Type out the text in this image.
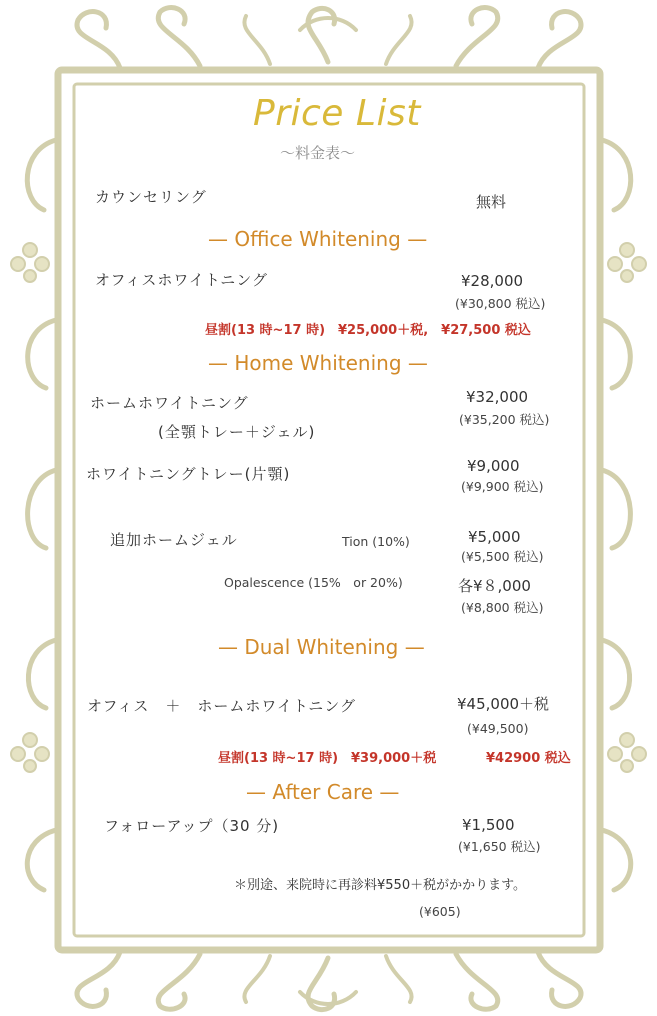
Price List
～料金表～
カウンセリング	無料
— Office Whitening —
オフィスホワイトニング	¥28,000
(¥30,800 税込)
昼割(13 時~17 時)　¥25,000＋税,　¥27,500 税込
— Home Whitening —
ホームホワイトニング
(全顎トレー＋ジェル)
¥32,000
(¥35,200 税込)
ホワイトニングトレー(片顎)	¥9,000
(¥9,900 税込)
追加ホームジェル	Tion (10%)	¥5,000
(¥5,500 税込)
Opalescence (15%　or 20%)	各¥８,000
(¥8,800 税込)
— Dual Whitening —
オフィス　＋　ホームホワイトニング	¥45,000＋税
(¥49,500)
昼割(13 時~17 時)　¥39,000＋税	¥42900 税込
— After Care —
フォローアップ（30 分)	¥1,500
(¥1,650 税込)
＊別途、来院時に再診料¥550＋税がかかります。
(¥605)
